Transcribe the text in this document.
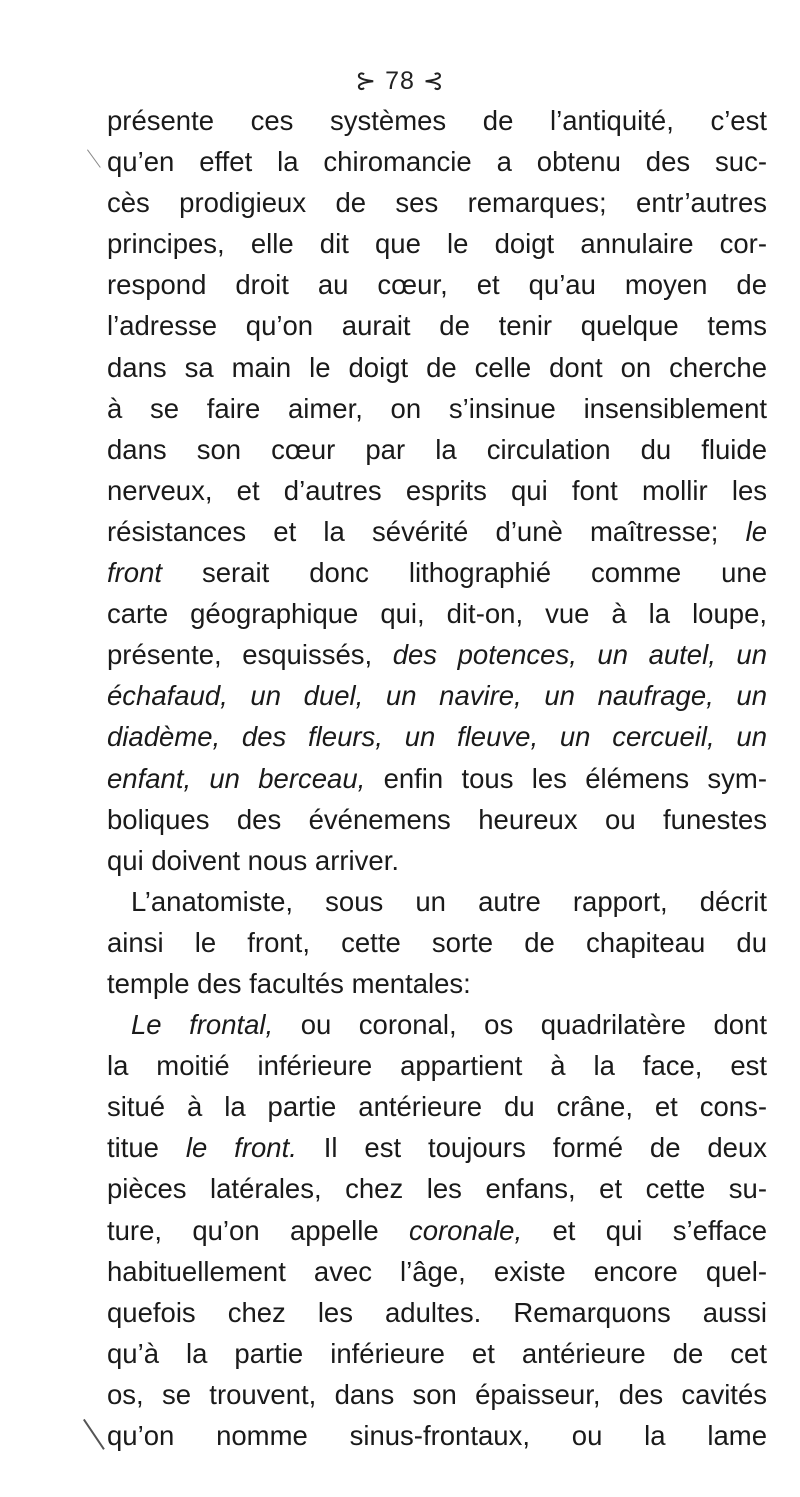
⊱ 78 ⊰
présente ces systèmes de l’antiquité, c’est
qu’en effet la chiromancie a obtenu des suc-
cès prodigieux de ses remarques; entr’autres
principes, elle dit que le doigt annulaire cor-
respond droit au cœur, et qu’au moyen de
l’adresse qu’on aurait de tenir quelque tems
dans sa main le doigt de celle dont on cherche
à se faire aimer, on s’insinue insensiblement
dans son cœur par la circulation du fluide
nerveux, et d’autres esprits qui font mollir les
résistances et la sévérité d’unè maîtresse; le
front serait donc lithographié comme une
carte géographique qui, dit-on, vue à la loupe,
présente, esquissés, des potences, un autel, un
échafaud, un duel, un navire, un naufrage, un
diadème, des fleurs, un fleuve, un cercueil, un
enfant, un berceau, enfin tous les élémens sym-
boliques des événemens heureux ou funestes
qui doivent nous arriver.
L’anatomiste, sous un autre rapport, décrit
ainsi le front, cette sorte de chapiteau du
temple des facultés mentales:
Le frontal, ou coronal, os quadrilatère dont
la moitié inférieure appartient à la face, est
situé à la partie antérieure du crâne, et cons-
titue le front. Il est toujours formé de deux
pièces latérales, chez les enfans, et cette su-
ture, qu’on appelle coronale, et qui s’efface
habituellement avec l’âge, existe encore quel-
quefois chez les adultes. Remarquons aussi
qu’à la partie inférieure et antérieure de cet
os, se trouvent, dans son épaisseur, des cavités
qu’on nomme sinus-frontaux, ou la lame
